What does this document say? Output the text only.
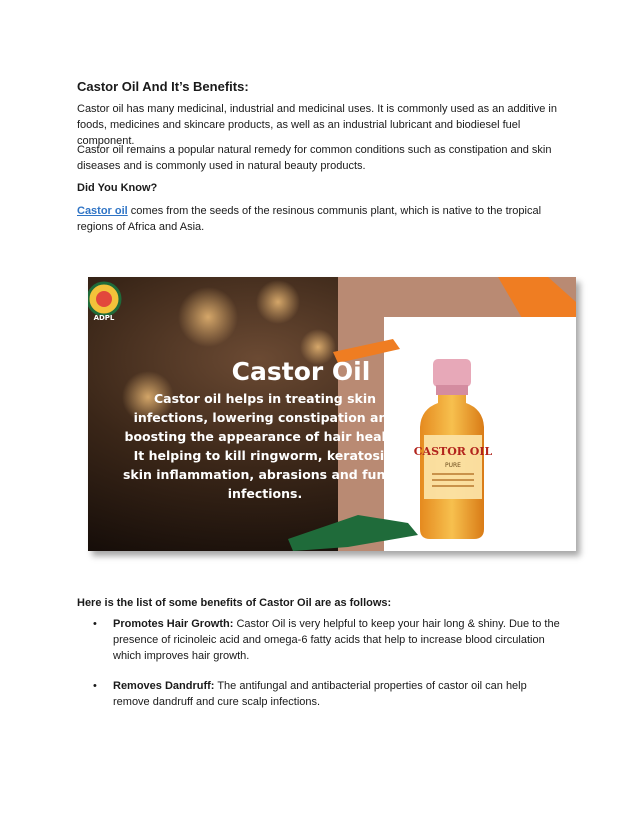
Castor Oil And It’s Benefits:
Castor oil has many medicinal, industrial and medicinal uses. It is commonly used as an additive in foods, medicines and skincare products, as well as an industrial lubricant and biodiesel fuel component.
Castor oil remains a popular natural remedy for common conditions such as constipation and skin diseases and is commonly used in natural beauty products.
Did You Know?
Castor oil comes from the seeds of the resinous communis plant, which is native to the tropical regions of Africa and Asia.
CASTOR OIL
PURE
ADPL
Castor Oil
Castor oil helps in treating skin infections, lowering constipation and boosting the appearance of hair health. It helping to kill ringworm, keratosis, skin inflammation, abrasions and fungal infections.
Here is the list of some benefits of Castor Oil are as follows:
• Promotes Hair Growth: Castor Oil is very helpful to keep your hair long & shiny. Due to the presence of ricinoleic acid and omega-6 fatty acids that help to increase blood circulation which improves hair growth.
• Removes Dandruff: The antifungal and antibacterial properties of castor oil can help remove dandruff and cure scalp infections.
